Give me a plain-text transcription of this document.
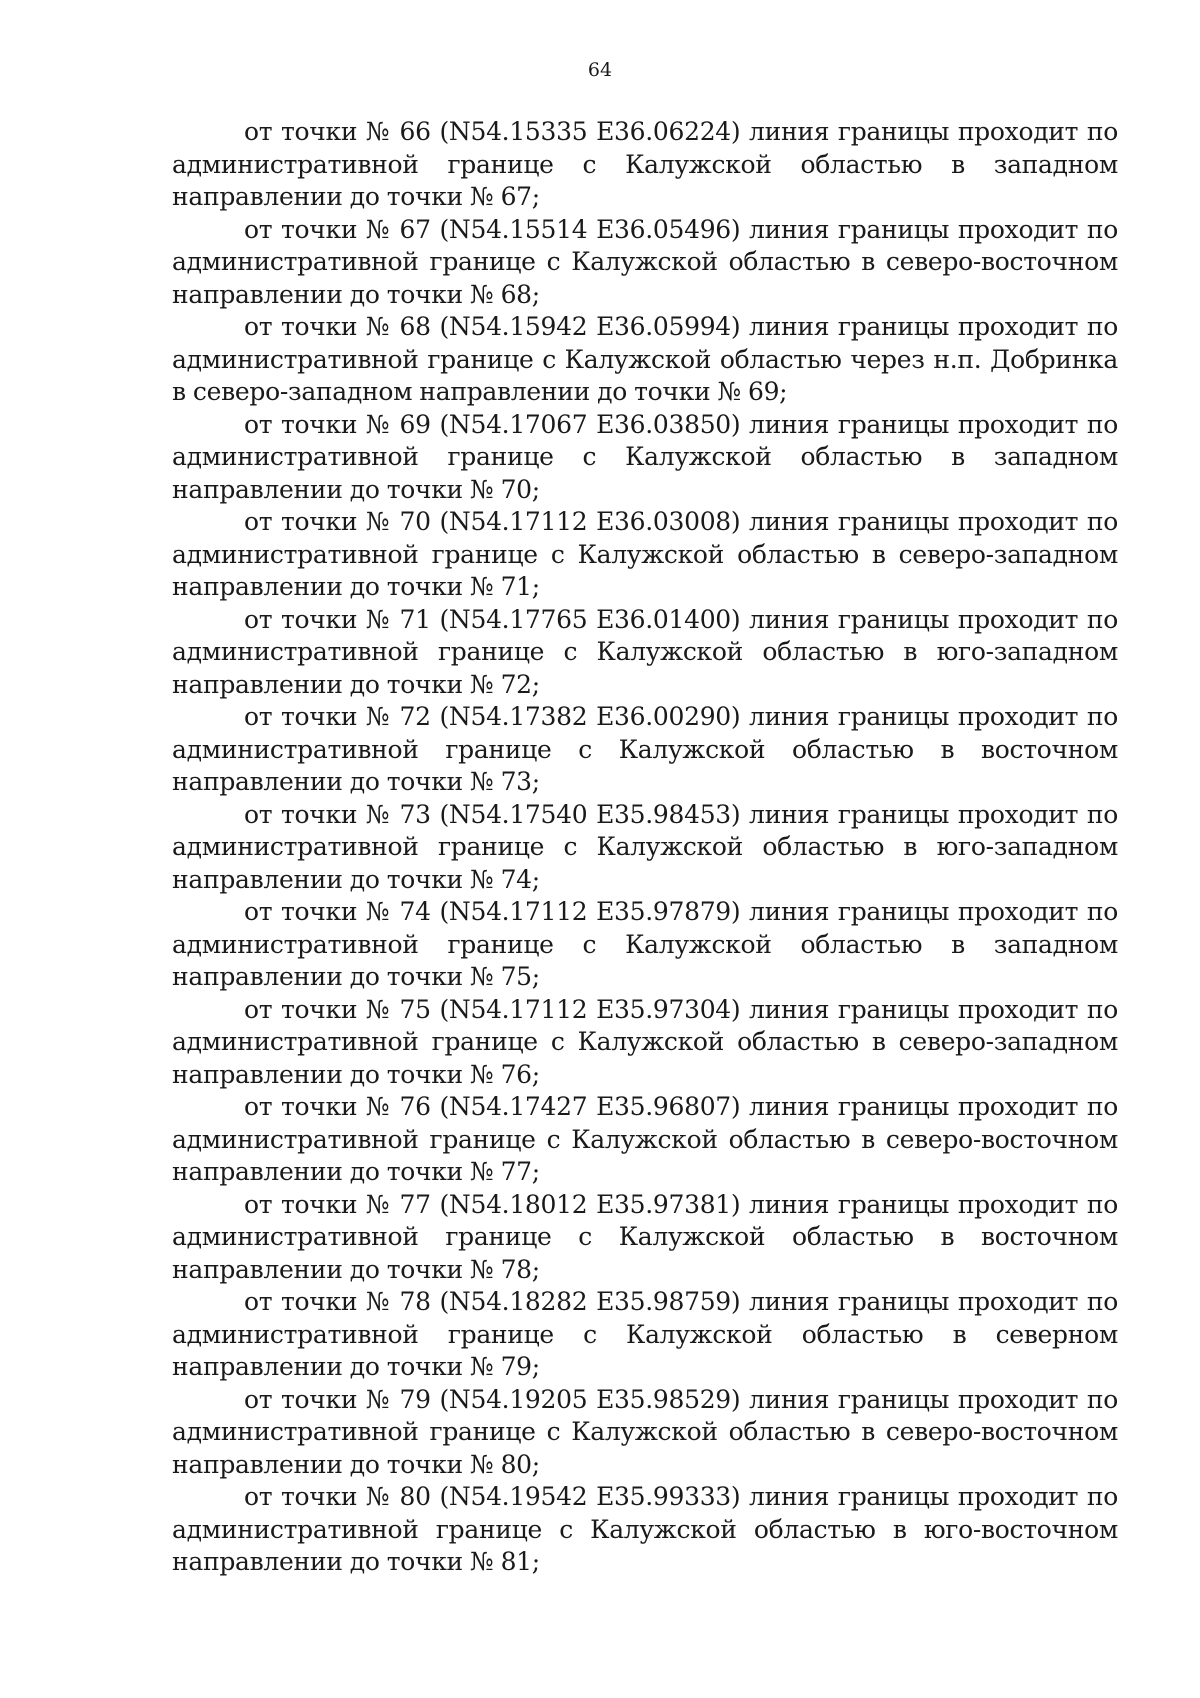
64

от точки № 66 (N54.15335 E36.06224) линия границы проходит по административной границе с Калужской областью в западном направлении до точки № 67;

от точки № 67 (N54.15514 E36.05496) линия границы проходит по административной границе с Калужской областью в северо-восточном направлении до точки № 68;

от точки № 68 (N54.15942 E36.05994) линия границы проходит по административной границе с Калужской областью через н.п. Добринка в северо-западном направлении до точки № 69;

от точки № 69 (N54.17067 E36.03850) линия границы проходит по административной границе с Калужской областью в западном направлении до точки № 70;

от точки № 70 (N54.17112 E36.03008) линия границы проходит по административной границе с Калужской областью в северо-западном направлении до точки № 71;

от точки № 71 (N54.17765 E36.01400) линия границы проходит по административной границе с Калужской областью в юго-западном направлении до точки № 72;

от точки № 72 (N54.17382 E36.00290) линия границы проходит по административной границе с Калужской областью в восточном направлении до точки № 73;

от точки № 73 (N54.17540 E35.98453) линия границы проходит по административной границе с Калужской областью в юго-западном направлении до точки № 74;

от точки № 74 (N54.17112 E35.97879) линия границы проходит по административной границе с Калужской областью в западном направлении до точки № 75;

от точки № 75 (N54.17112 E35.97304) линия границы проходит по административной границе с Калужской областью в северо-западном направлении до точки № 76;

от точки № 76 (N54.17427 E35.96807) линия границы проходит по административной границе с Калужской областью в северо-восточном направлении до точки № 77;

от точки № 77 (N54.18012 E35.97381) линия границы проходит по административной границе с Калужской областью в восточном направлении до точки № 78;

от точки № 78 (N54.18282 E35.98759) линия границы проходит по административной границе с Калужской областью в северном направлении до точки № 79;

от точки № 79 (N54.19205 E35.98529) линия границы проходит по административной границе с Калужской областью в северо-восточном направлении до точки № 80;

от точки № 80 (N54.19542 E35.99333) линия границы проходит по административной границе с Калужской областью в юго-восточном направлении до точки № 81;
